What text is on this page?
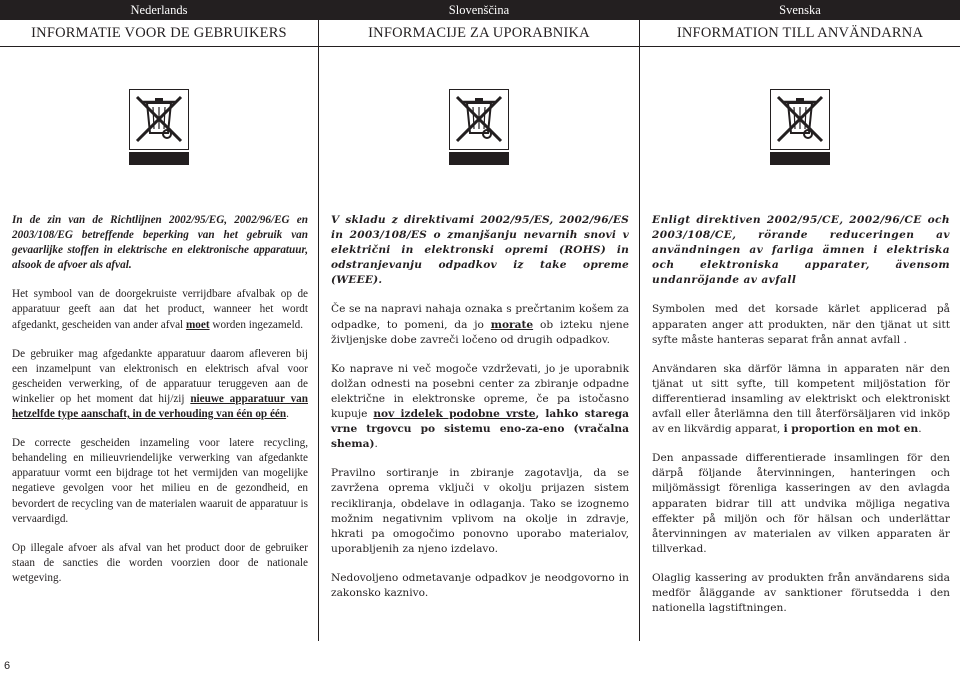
Nederlands
INFORMATIE VOOR DE GEBRUIKERS

In de zin van de Richtlijnen 2002/95/EG, 2002/96/EG en 2003/108/EG betreffende beperking van het gebruik van gevaarlijke stoffen in elektrische en elektronische apparatuur, alsook de afvoer als afval.

Het symbool van de doorgekruiste verrijdbare afvalbak op de apparatuur geeft aan dat het product, wanneer het wordt afgedankt, gescheiden van ander afval moet worden ingezameld.

De gebruiker mag afgedankte apparatuur daarom afleveren bij een inzamelpunt van elektronisch en elektrisch afval voor gescheiden verwerking, of de apparatuur teruggeven aan de winkelier op het moment dat hij/zij nieuwe apparatuur van hetzelfde type aanschaft, in de verhouding van één op één.

De correcte gescheiden inzameling voor latere recycling, behandeling en milieuvriendelijke verwerking van afgedankte apparatuur vormt een bijdrage tot het vermijden van mogelijke negatieve gevolgen voor het milieu en de gezondheid, en bevordert de recycling van de materialen waaruit de apparatuur is vervaardigd.

Op illegale afvoer als afval van het product door de gebruiker staan de sancties die worden voorzien door de nationale wetgeving.

Slovenščina
INFORMACIJE ZA UPORABNIKA

V skladu z direktivami 2002/95/ES, 2002/96/ES in 2003/108/ES o zmanjšanju nevarnih snovi v električni in elektronski opremi (ROHS) in odstranjevanju odpadkov iz take opreme (WEEE).

Če se na napravi nahaja oznaka s prečrtanim košem za odpadke, to pomeni, da jo morate ob izteku njene življenjske dobe zavreči ločeno od drugih odpadkov.

Ko naprave ni več mogoče vzdrževati, jo je uporabnik dolžan odnesti na posebni center za zbiranje odpadne električne in elektronske opreme, če pa istočasno kupuje nov izdelek podobne vrste, lahko starega vrne trgovcu po sistemu eno-za-eno (vračalna shema).

Pravilno sortiranje in zbiranje zagotavlja, da se zavržena oprema vključi v okolju prijazen sistem recikliranja, obdelave in odlaganja. Tako se izognemo možnim negativnim vplivom na okolje in zdravje, hkrati pa omogočimo ponovno uporabo materialov, uporabljenih za njeno izdelavo.

Nedovoljeno odmetavanje odpadkov je neodgovorno in zakonsko kaznivo.

Svenska
INFORMATION TILL ANVÄNDARNA

Enligt direktiven 2002/95/CE, 2002/96/CE och 2003/108/CE, rörande reduceringen av användningen av farliga ämnen i elektriska och elektroniska apparater, ävensom undanröjande av avfall

Symbolen med det korsade kärlet applicerad på apparaten anger att produkten, när den tjänat ut sitt syfte måste hanteras separat från annat avfall .

Användaren ska därför lämna in apparaten när den tjänat ut sitt syfte, till kompetent miljöstation för differentierad insamling av elektriskt och elektroniskt avfall eller återlämna den till återförsäljaren vid inköp av en likvärdig apparat, i proportion en mot en.

Den anpassade differentierade insamlingen för den därpå följande återvinningen, hanteringen och miljömässigt förenliga kasseringen av den avlagda apparaten bidrar till att undvika möjliga negativa effekter på miljön och för hälsan och underlättar återvinningen av materialen av vilken apparaten är tillverkad.

Olaglig kassering av produkten från användarens sida medför åläggande av sanktioner förutsedda i den nationella lagstiftningen.

6
